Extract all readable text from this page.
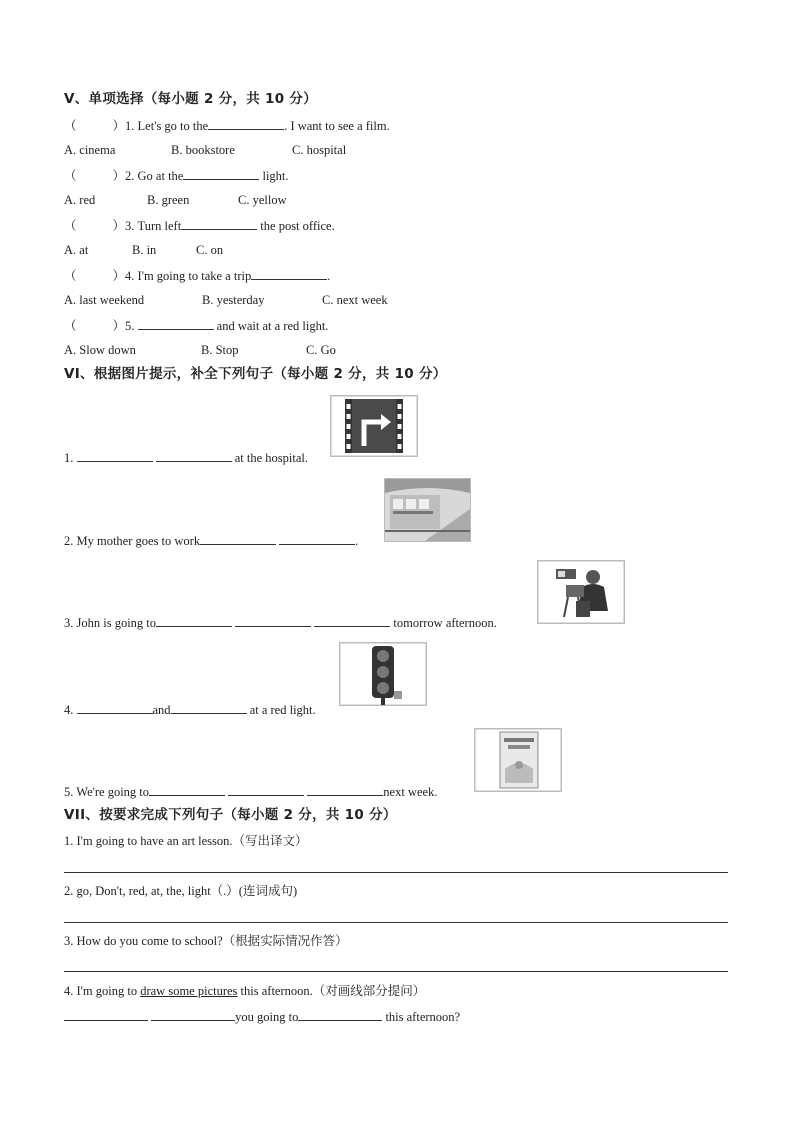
V、单项选择（每小题 2 分，共 10 分）
（	）1. Let's go to the	. I want to see a film.
A. cinema	B. bookstore	C. hospital
（	）2. Go at the	light.
A. red	B. green	C. yellow
（	）3. Turn left	the post office.
A. at	B. in	C. on
（	）4. I'm going to take a trip	.
A. last weekend	B. yesterday	C. next week
（	）5.	and wait at a red light.
A. Slow down	B. Stop	C. Go
VI、根据图片提示，补全下列句子（每小题 2 分，共 10 分）
1.	at the hospital.
2. My mother goes to work	.
3. John is going to	tomorrow afternoon.
4.	and	at a red light.
5. We're going to	next week.
VII、按要求完成下列句子（每小题 2 分，共 10 分）
1. I'm going to have an art lesson.（写出译文）
2. go, Don't, red, at, the, light（.）(连词成句)
3. How do you come to school?（根据实际情况作答）
4. I'm going to draw some pictures this afternoon.（对画线部分提问）
you going to	this afternoon?
